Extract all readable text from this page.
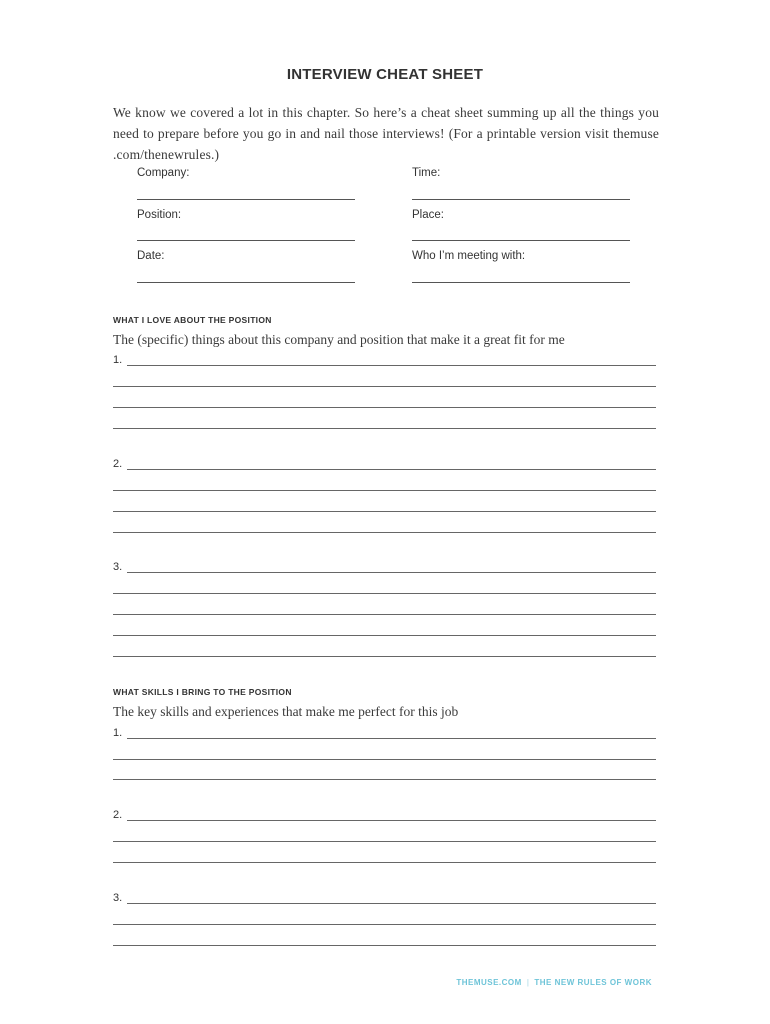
INTERVIEW CHEAT SHEET
We know we covered a lot in this chapter. So here’s a cheat sheet summing up all the things you need to prepare before you go in and nail those interviews! (For a printable version visit themuse .com/thenewrules.)
Company:	Time:
Position:	Place:
Date:	Who I’m meeting with:
WHAT I LOVE ABOUT THE POSITION
The (specific) things about this company and position that make it a great fit for me
1.
2.
3.
WHAT SKILLS I BRING TO THE POSITION
The key skills and experiences that make me perfect for this job
1.
2.
3.
THEMUSE.COM | THE NEW RULES OF WORK
